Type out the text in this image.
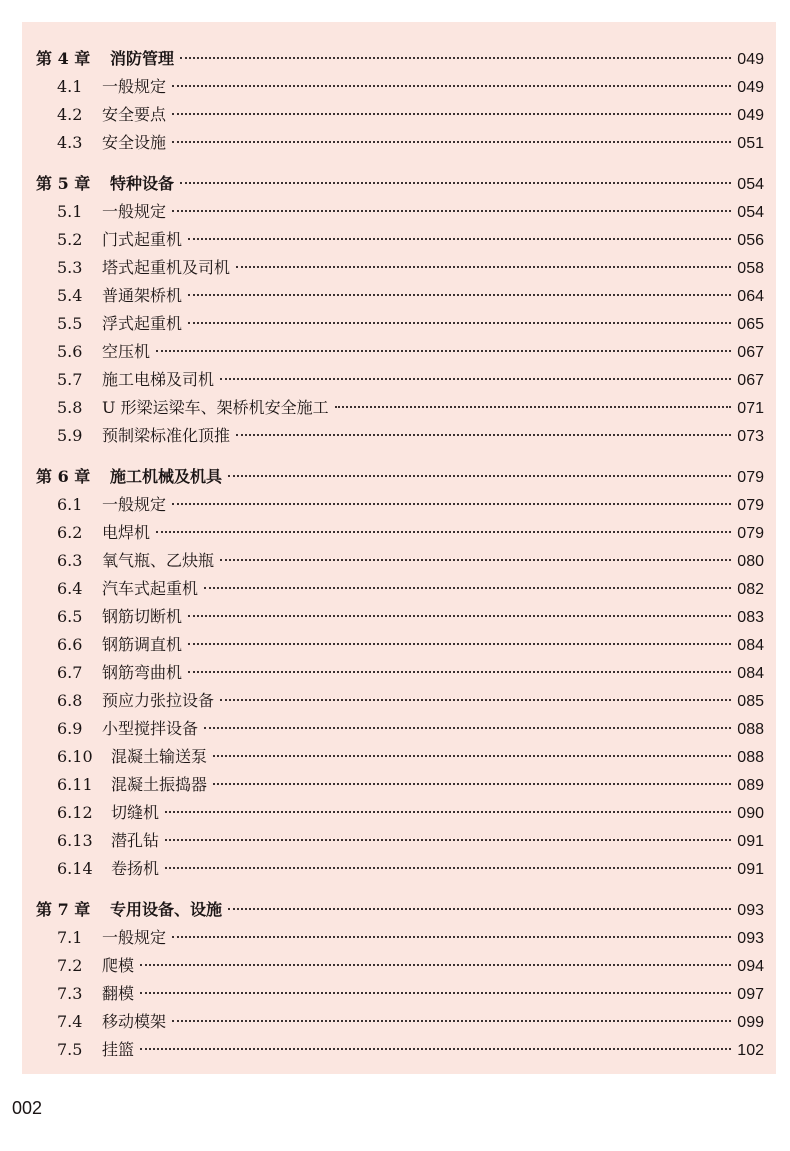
第 4 章	消防管理	049
4.1	一般规定	049
4.2	安全要点	049
4.3	安全设施	051
第 5 章	特种设备	054
5.1	一般规定	054
5.2	门式起重机	056
5.3	塔式起重机及司机	058
5.4	普通架桥机	064
5.5	浮式起重机	065
5.6	空压机	067
5.7	施工电梯及司机	067
5.8	U 形梁运梁车、架桥机安全施工	071
5.9	预制梁标准化顶推	073
第 6 章	施工机械及机具	079
6.1	一般规定	079
6.2	电焊机	079
6.3	氧气瓶、乙炔瓶	080
6.4	汽车式起重机	082
6.5	钢筋切断机	083
6.6	钢筋调直机	084
6.7	钢筋弯曲机	084
6.8	预应力张拉设备	085
6.9	小型搅拌设备	088
6.10	混凝土输送泵	088
6.11	混凝土振捣器	089
6.12	切缝机	090
6.13	潜孔钻	091
6.14	卷扬机	091
第 7 章	专用设备、设施	093
7.1	一般规定	093
7.2	爬模	094
7.3	翻模	097
7.4	移动模架	099
7.5	挂篮	102
002
